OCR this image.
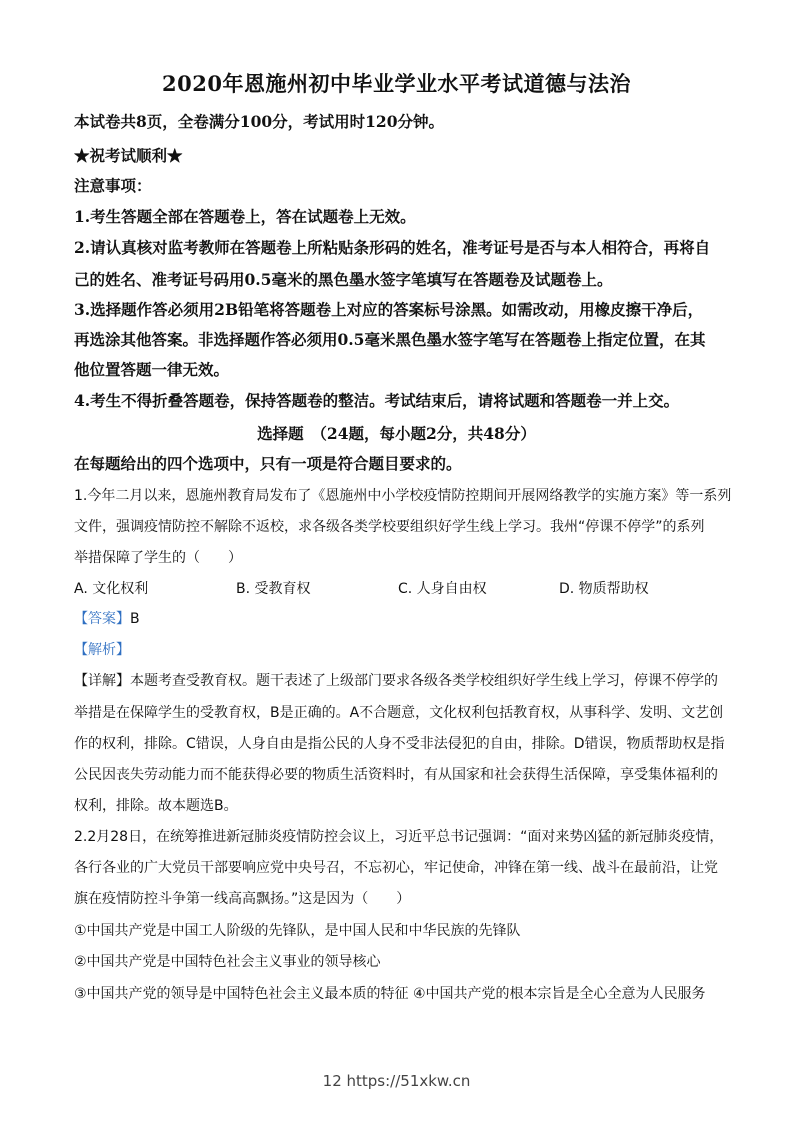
2020年恩施州初中毕业学业水平考试道德与法治
本试卷共8页，全卷满分100分，考试用时120分钟。
★祝考试顺利★
注意事项：
1.考生答题全部在答题卷上，答在试题卷上无效。
2.请认真核对监考教师在答题卷上所粘贴条形码的姓名，准考证号是否与本人相符合，再将自
己的姓名、准考证号码用0.5毫米的黑色墨水签字笔填写在答题卷及试题卷上。
3.选择题作答必须用2B铅笔将答题卷上对应的答案标号涂黑。如需改动，用橡皮擦干净后，
再选涂其他答案。非选择题作答必须用0.5毫米黑色墨水签字笔写在答题卷上指定位置，在其
他位置答题一律无效。
4.考生不得折叠答题卷，保持答题卷的整洁。考试结束后，请将试题和答题卷一并上交。
选择题　（24题，每小题2分，共48分）
在每题给出的四个选项中，只有一项是符合题目要求的。
1.今年二月以来，恩施州教育局发布了《恩施州中小学校疫情防控期间开展网络教学的实施方案》等一系列
文件，强调疫情防控不解除不返校，求各级各类学校要组织好学生线上学习。我州“停课不停学”的系列
举措保障了学生的（　　）
A. 文化权利	B. 受教育权	C. 人身自由权	D. 物质帮助权
【答案】B
【解析】
【详解】本题考查受教育权。题干表述了上级部门要求各级各类学校组织好学生线上学习，停课不停学的
举措是在保障学生的受教育权，B是正确的。A不合题意，文化权利包括教育权，从事科学、发明、文艺创
作的权利，排除。C错误，人身自由是指公民的人身不受非法侵犯的自由，排除。D错误，物质帮助权是指
公民因丧失劳动能力而不能获得必要的物质生活资料时，有从国家和社会获得生活保障，享受集体福利的
权利，排除。故本题选B。
2.2月28日，在统筹推进新冠肺炎疫情防控会议上，习近平总书记强调：“面对来势凶猛的新冠肺炎疫情，
各行各业的广大党员干部要响应党中央号召，不忘初心，牢记使命，冲锋在第一线、战斗在最前沿，让党
旗在疫情防控斗争第一线高高飘扬。”这是因为（　　）
①中国共产党是中国工人阶级的先锋队，是中国人民和中华民族的先锋队
②中国共产党是中国特色社会主义事业的领导核心
③中国共产党的领导是中国特色社会主义最本质的特征 ④中国共产党的根本宗旨是全心全意为人民服务
12 https://51xkw.cn
